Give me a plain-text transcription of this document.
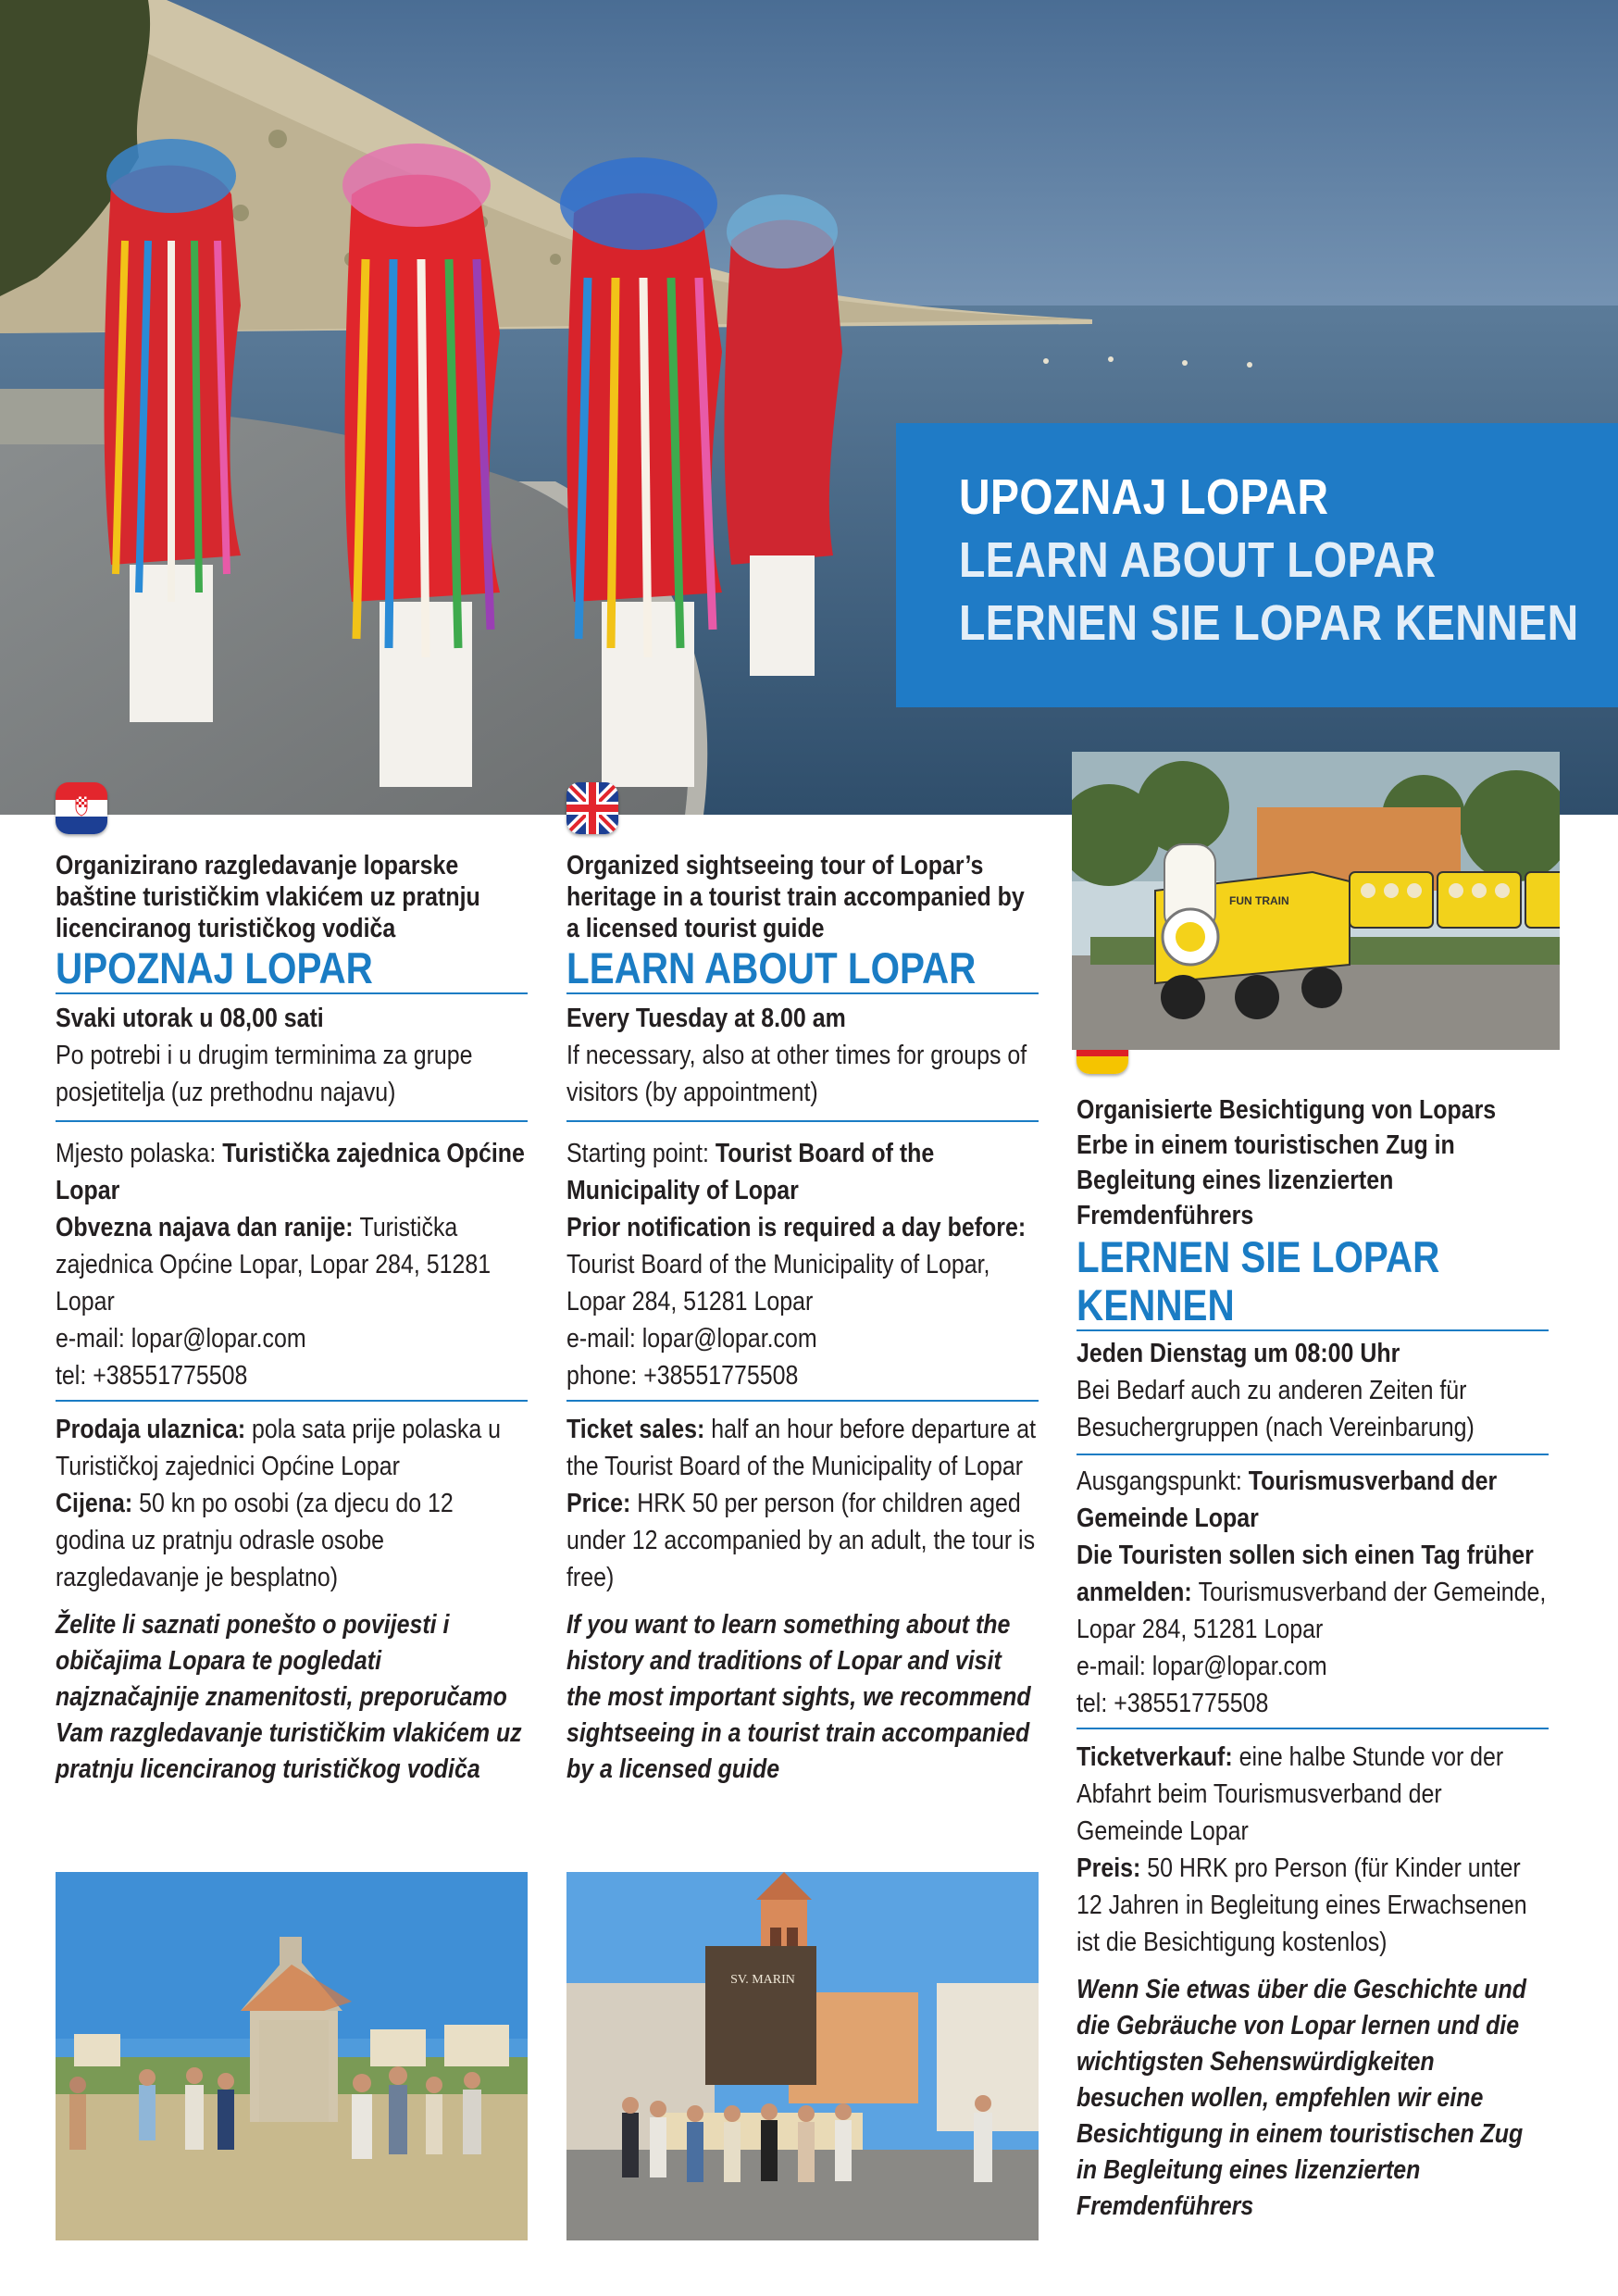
UPOZNAJ LOPAR
LEARN ABOUT LOPAR
LERNEN SIE LOPAR KENNEN
FUN TRAIN

Organizirano razgledavanje loparske baštine turističkim vlakićem uz pratnju licenciranog turističkog vodiča

UPOZNAJ LOPAR

Svaki utorak u 08,00 sati

Po potrebi i u drugim terminima za grupe posjetitelja (uz prethodnu najavu)

Mjesto polaska: Turistička zajednica Općine Lopar

Obvezna najava dan ranije: Turistička zajednica Općine Lopar, Lopar 284, 51281 Lopar

e-mail: lopar@lopar.com

tel: +38551775508

Prodaja ulaznica: pola sata prije polaska u Turističkoj zajednici Općine Lopar

Cijena: 50 kn po osobi (za djecu do 12 godina uz pratnju odrasle osobe razgledavanje je besplatno)

Želite li saznati ponešto o povijesti i običajima Lopara te pogledati najznačajnije znamenitosti, preporučamo Vam razgledavanje turističkim vlakićem uz pratnju licenciranog turističkog vodiča

Organized sightseeing tour of Lopar’s heritage in a tourist train accompanied by a licensed tourist guide

LEARN ABOUT LOPAR

Every Tuesday at 8.00 am

If necessary, also at other times for groups of visitors (by appointment)

Starting point: Tourist Board of the Municipality of Lopar

Prior notification is required a day before: Tourist Board of the Municipality of Lopar, Lopar 284, 51281 Lopar

e-mail: lopar@lopar.com

phone: +38551775508

Ticket sales: half an hour before departure at the Tourist Board of the Municipality of Lopar

Price: HRK 50 per person (for children aged under 12 accompanied by an adult, the tour is free)

If you want to learn something about the history and traditions of Lopar and visit the most important sights, we recommend sightseeing in a tourist train accompanied by a licensed guide

Organisierte Besichtigung von Lopars Erbe in einem touristischen Zug in Begleitung eines lizenzierten Fremdenführers

LERNEN SIE LOPAR KENNEN

Jeden Dienstag um 08:00 Uhr

Bei Bedarf auch zu anderen Zeiten für Besuchergruppen (nach Vereinbarung)

Ausgangspunkt: Tourismusverband der Gemeinde Lopar

Die Touristen sollen sich einen Tag früher anmelden: Tourismusverband der Gemeinde, Lopar 284, 51281 Lopar

e-mail: lopar@lopar.com

tel: +38551775508

Ticketverkauf: eine halbe Stunde vor der Abfahrt beim Tourismusverband der Gemeinde Lopar

Preis: 50 HRK pro Person (für Kinder unter 12 Jahren in Begleitung eines Erwachsenen ist die Besichtigung kostenlos)

Wenn Sie etwas über die Geschichte und die Gebräuche von Lopar lernen und die wichtigsten Sehenswürdigkeiten besuchen wollen, empfehlen wir eine Besichtigung in einem touristischen Zug in Begleitung eines lizenzierten Fremdenführers

SV. MARIN
